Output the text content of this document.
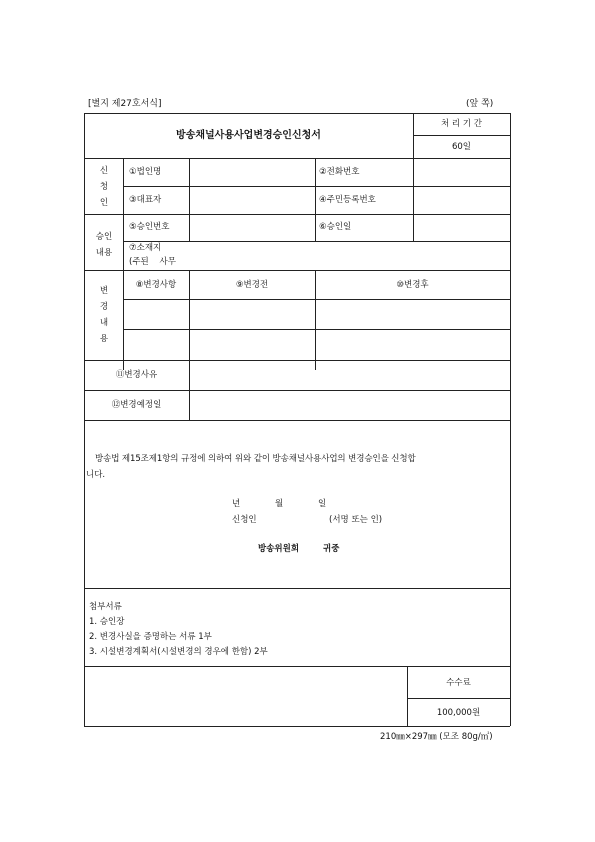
[별지 제27호서식]	(앞 쪽)
방송채널사용사업변경승인신청서
처 리 기 간
60일
신
청
인
①법인명	②전화번호
③대표자	④주민등록번호
승인
내용
⑤승인번호	⑥승인일
⑦소재지
(주된    사무
변
경
내
용
⑧변경사항	⑨변경전	⑩변경후
⑪변경사유
⑫변경예정일
방송법 제15조제1항의 규정에 의하여 위와 같이 방송채널사용사업의 변경승인을 신청합
니다.
년	월	일
신청인	(서명 또는 인)
방송위원회	귀중
첨부서류
1. 승인장
2. 변경사실을 증명하는 서류 1부
3. 시설변경계획서(시설변경의 경우에 한함) 2부
수수료
100,000원
210㎜×297㎜ (모조 80g/㎡)
